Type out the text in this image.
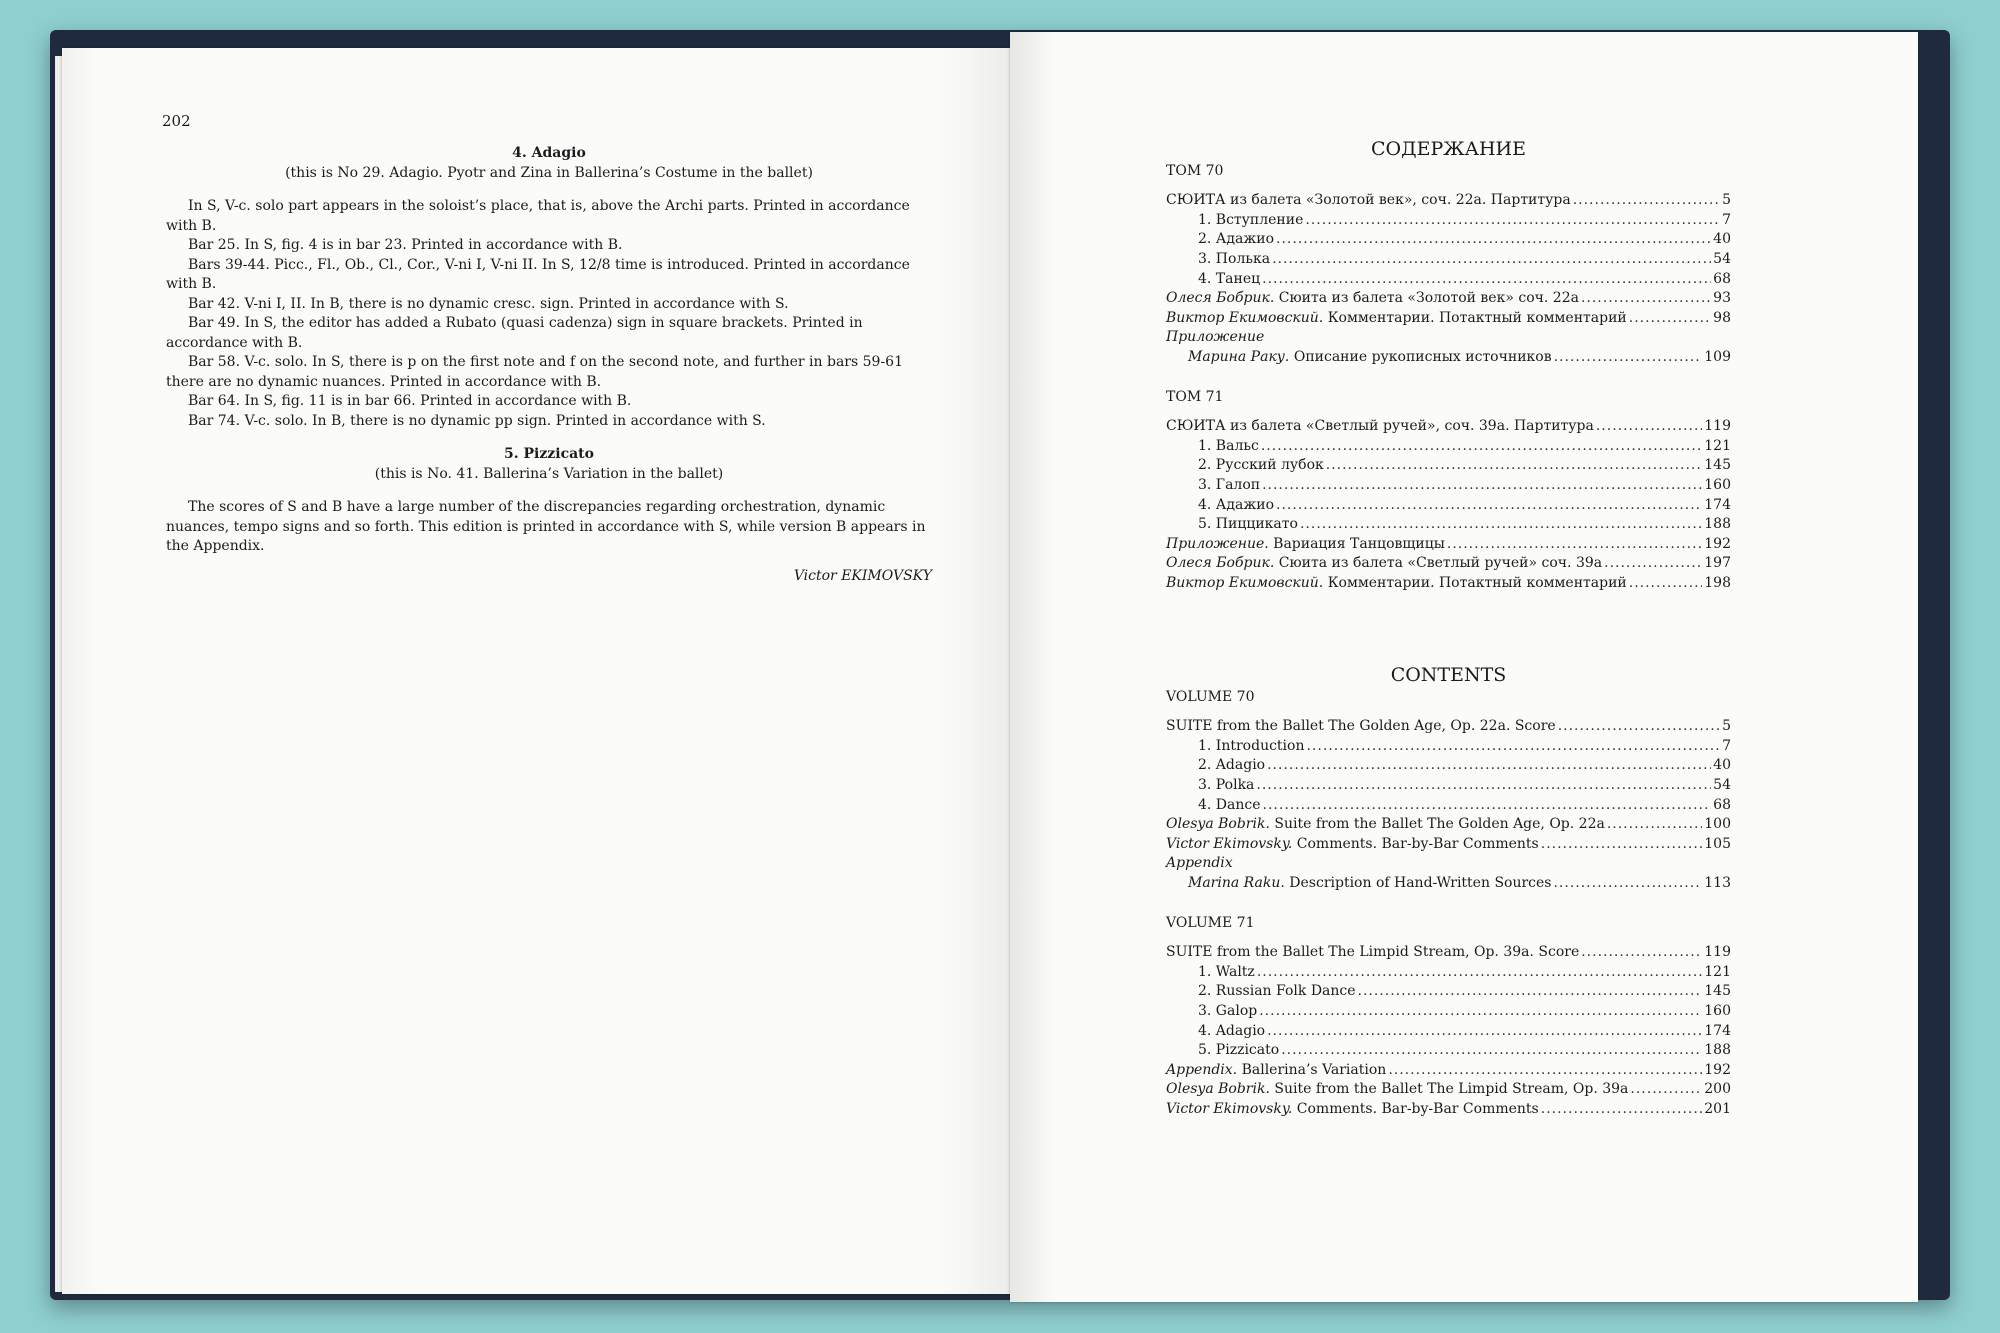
202

4. Adagio

(this is No 29. Adagio. Pyotr and Zina in Ballerina’s Costume in the ballet)

In S, V-c. solo part appears in the soloist’s place, that is, above the Archi parts. Printed in accordance with B.

Bar 25. In S, fig. 4 is in bar 23. Printed in accordance with B.

Bars 39-44. Picc., Fl., Ob., Cl., Cor., V-ni I, V-ni II. In S, 12/8 time is introduced. Printed in accordance with B.

Bar 42. V-ni I, II. In B, there is no dynamic cresc. sign. Printed in accordance with S.

Bar 49. In S, the editor has added a Rubato (quasi cadenza) sign in square brackets. Printed in accordance with B.

Bar 58. V-c. solo. In S, there is p on the first note and f on the second note, and further in bars 59-61 there are no dynamic nuances. Printed in accordance with B.

Bar 64. In S, fig. 11 is in bar 66. Printed in accordance with B.

Bar 74. V-c. solo. In B, there is no dynamic pp sign. Printed in accordance with S.

5. Pizzicato

(this is No. 41. Ballerina’s Variation in the ballet)

The scores of S and B have a large number of the discrepancies regarding orchestration, dynamic nuances, tempo signs and so forth. This edition is printed in accordance with S, while version B appears in the Appendix.

Victor EKIMOVSKY

СОДЕРЖАНИЕ

ТОМ 70
СЮИТА из балета «Золотой век», соч. 22а. Партитура .....	5
1. Вступление .....	7
2. Адажио .....	40
3. Полька .....	54
4. Танец .....	68
Олеся Бобрик. Сюита из балета «Золотой век» соч. 22а .....	93
Виктор Екимовский. Комментарии. Потактный комментарий .....	98
Приложение
Марина Раку. Описание рукописных источников .....	109
ТОМ 71
СЮИТА из балета «Светлый ручей», соч. 39а. Партитура .....	119
1. Вальс .....	121
2. Русский лубок .....	145
3. Галоп .....	160
4. Адажио .....	174
5. Пиццикато .....	188
Приложение. Вариация Танцовщицы .....	192
Олеся Бобрик. Сюита из балета «Светлый ручей» соч. 39а .....	197
Виктор Екимовский. Комментарии. Потактный комментарий .....	198

CONTENTS

VOLUME 70
SUITE from the Ballet The Golden Age, Op. 22a. Score .....	5
1. Introduction .....	7
2. Adagio .....	40
3. Polka .....	54
4. Dance .....	68
Olesya Bobrik. Suite from the Ballet The Golden Age, Op. 22a .....	100
Victor Ekimovsky. Comments. Bar-by-Bar Comments .....	105
Appendix
Marina Raku. Description of Hand-Written Sources .....	113
VOLUME 71
SUITE from the Ballet The Limpid Stream, Op. 39a. Score .....	119
1. Waltz .....	121
2. Russian Folk Dance .....	145
3. Galop .....	160
4. Adagio .....	174
5. Pizzicato .....	188
Appendix. Ballerina’s Variation .....	192
Olesya Bobrik. Suite from the Ballet The Limpid Stream, Op. 39a .....	200
Victor Ekimovsky. Comments. Bar-by-Bar Comments .....	201
